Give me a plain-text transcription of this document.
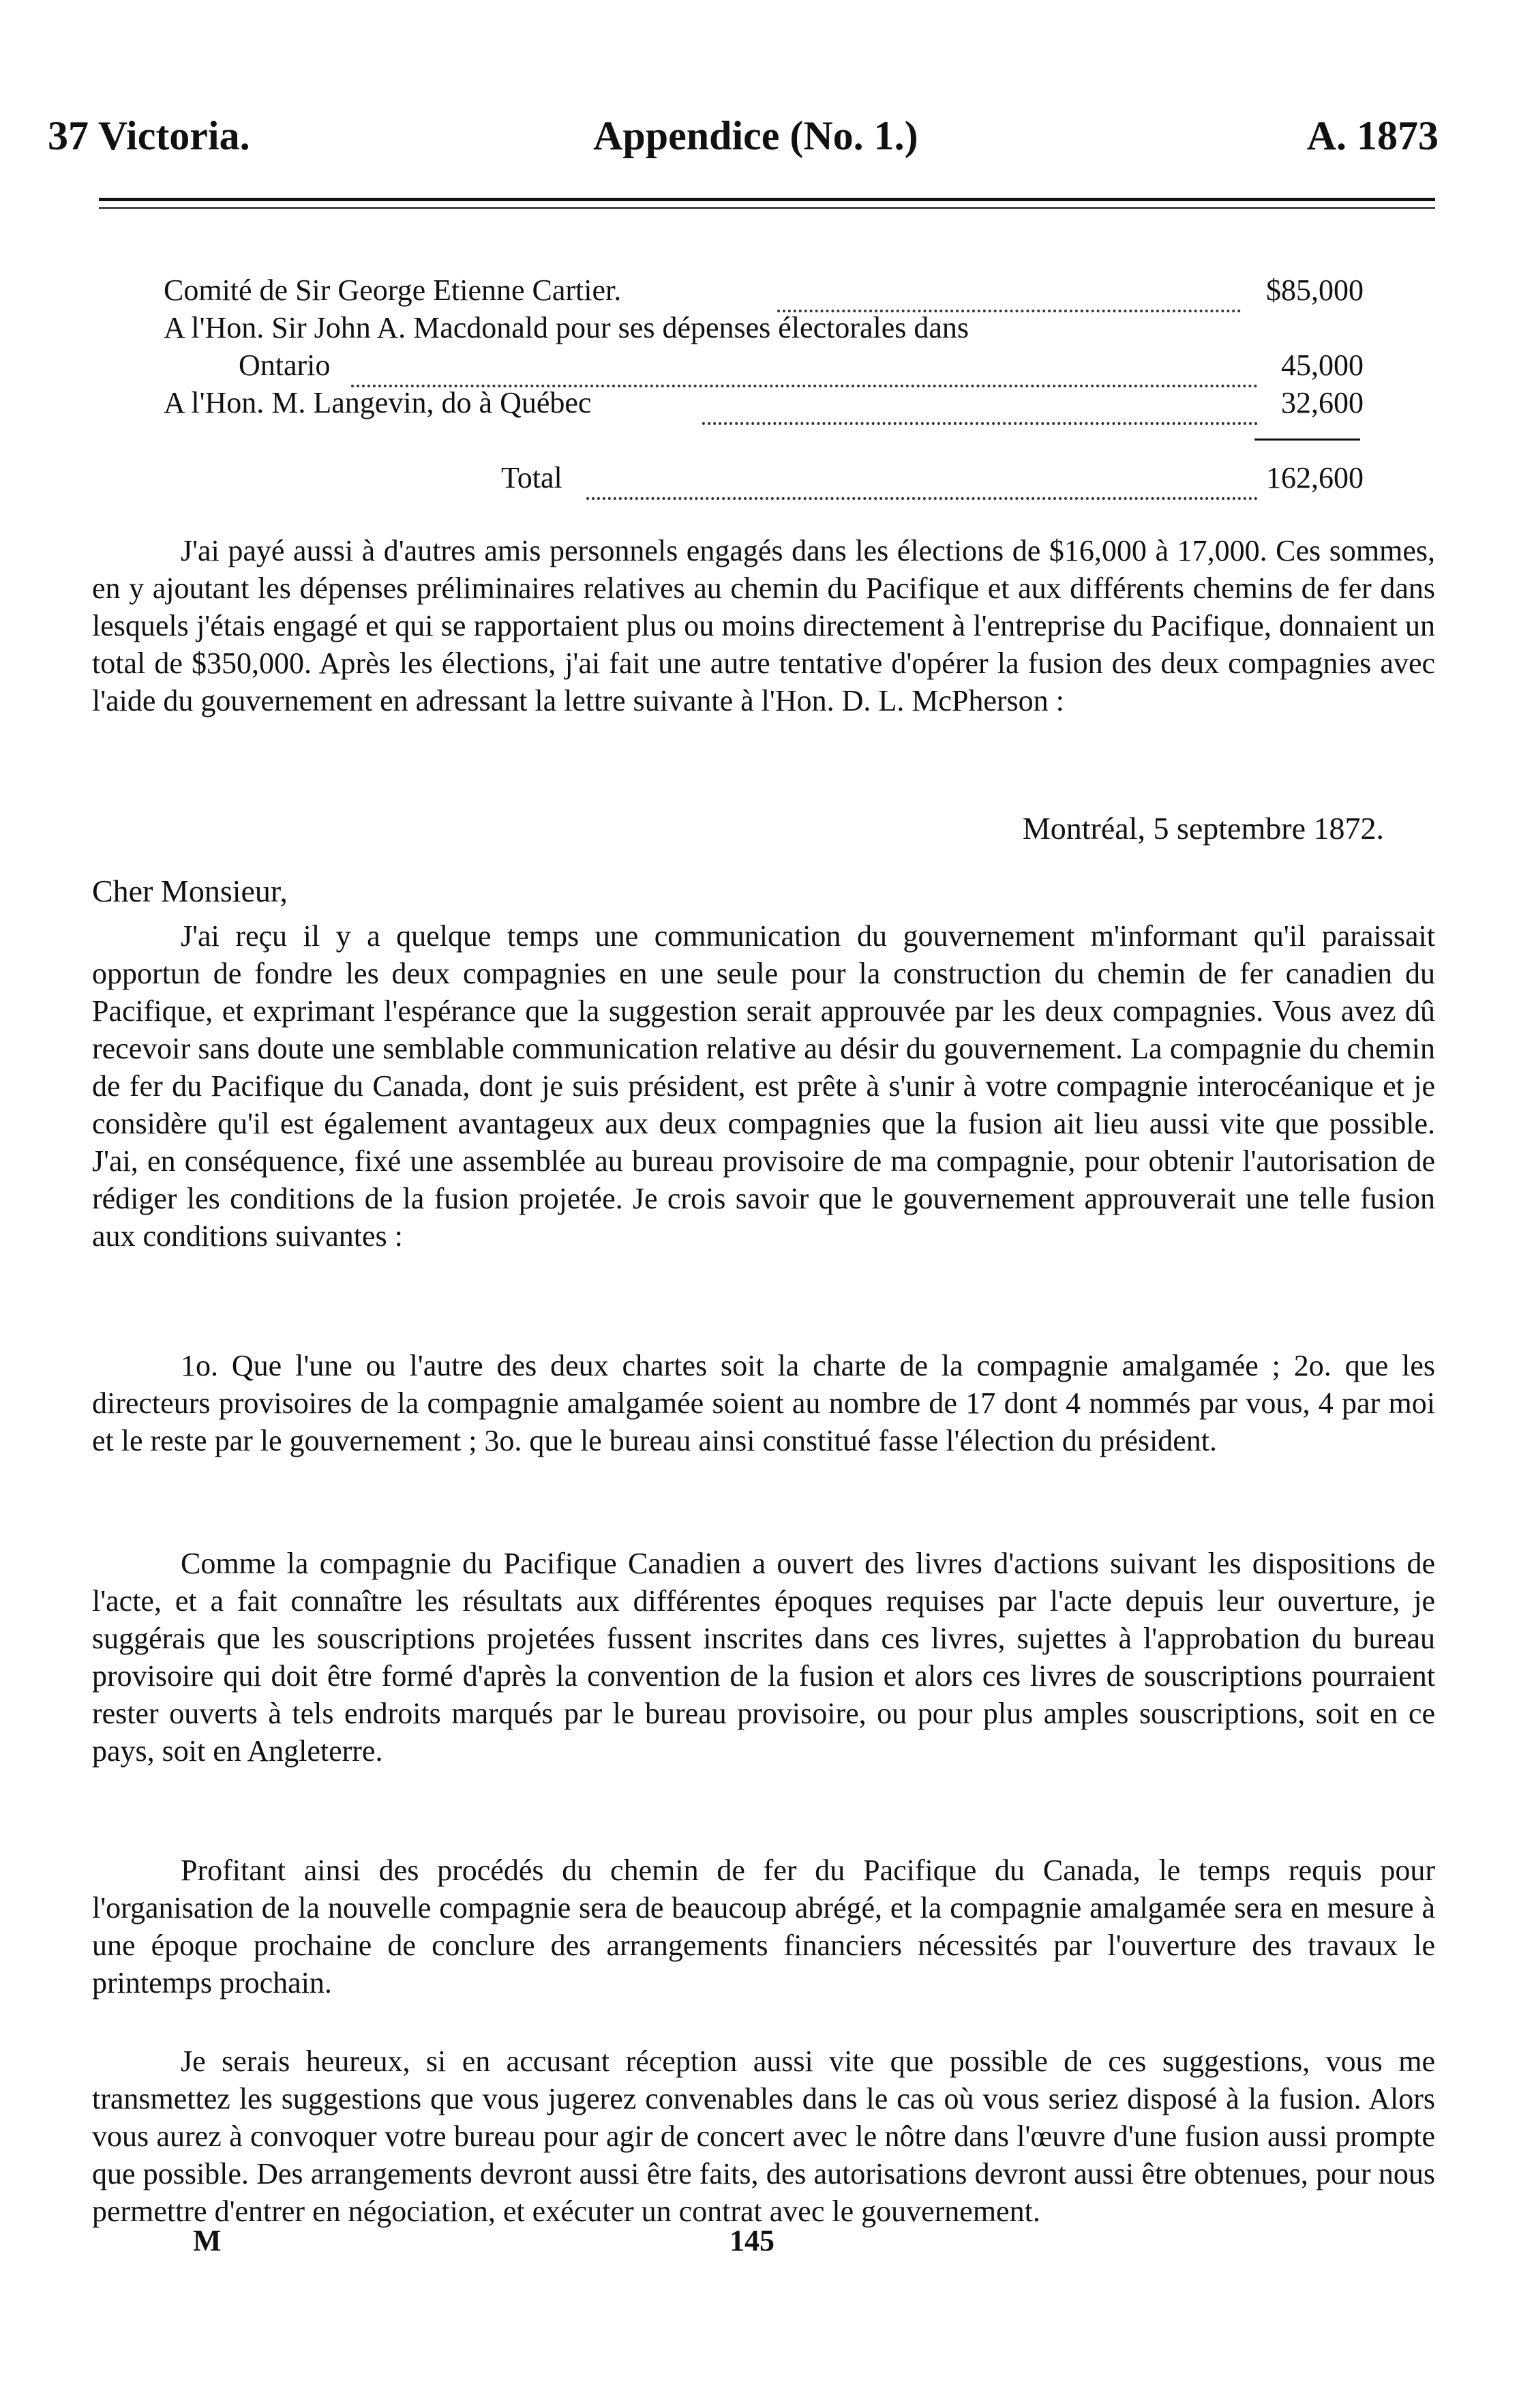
37 Victoria.	Appendice (No. 1.)	A. 1873
Comité de Sir George Etienne Cartier.	$85,000
A l'Hon. Sir John A. Macdonald pour ses dépenses électorales dans
Ontario	45,000
A l'Hon. M. Langevin, do à Québec	32,600
Total	162,600

J'ai payé aussi à d'autres amis personnels engagés dans les élections de $16,000 à 17,000. Ces sommes, en y ajoutant les dépenses préliminaires relatives au chemin du Pacifique et aux différents chemins de fer dans lesquels j'étais engagé et qui se rapportaient plus ou moins directement à l'entreprise du Pacifique, donnaient un total de $350,000. Après les élections, j'ai fait une autre tentative d'opérer la fusion des deux compagnies avec l'aide du gouvernement en adressant la lettre suivante à l'Hon. D. L. McPherson :

Montréal, 5 septembre 1872.
Cher Monsieur,

J'ai reçu il y a quelque temps une communication du gouvernement m'informant qu'il paraissait opportun de fondre les deux compagnies en une seule pour la construction du chemin de fer canadien du Pacifique, et exprimant l'espérance que la suggestion serait approuvée par les deux compagnies. Vous avez dû recevoir sans doute une semblable communication relative au désir du gouvernement. La compagnie du chemin de fer du Pacifique du Canada, dont je suis président, est prête à s'unir à votre compagnie interocéanique et je considère qu'il est également avantageux aux deux compagnies que la fusion ait lieu aussi vite que possible. J'ai, en conséquence, fixé une assemblée au bureau provisoire de ma compagnie, pour obtenir l'autorisation de rédiger les conditions de la fusion projetée. Je crois savoir que le gouvernement approuverait une telle fusion aux conditions suivantes :

1o. Que l'une ou l'autre des deux chartes soit la charte de la compagnie amalgamée ; 2o. que les directeurs provisoires de la compagnie amalgamée soient au nombre de 17 dont 4 nommés par vous, 4 par moi et le reste par le gouvernement ; 3o. que le bureau ainsi constitué fasse l'élection du président.

Comme la compagnie du Pacifique Canadien a ouvert des livres d'actions suivant les dispositions de l'acte, et a fait connaître les résultats aux différentes époques requises par l'acte depuis leur ouverture, je suggérais que les souscriptions projetées fussent inscrites dans ces livres, sujettes à l'approbation du bureau provisoire qui doit être formé d'après la convention de la fusion et alors ces livres de souscriptions pourraient rester ouverts à tels endroits marqués par le bureau provisoire, ou pour plus amples souscriptions, soit en ce pays, soit en Angleterre.

Profitant ainsi des procédés du chemin de fer du Pacifique du Canada, le temps requis pour l'organisation de la nouvelle compagnie sera de beaucoup abrégé, et la compagnie amalgamée sera en mesure à une époque prochaine de conclure des arrangements financiers nécessités par l'ouverture des travaux le printemps prochain.

Je serais heureux, si en accusant réception aussi vite que possible de ces suggestions, vous me transmettez les suggestions que vous jugerez convenables dans le cas où vous seriez disposé à la fusion. Alors vous aurez à convoquer votre bureau pour agir de concert avec le nôtre dans l'œuvre d'une fusion aussi prompte que possible. Des arrangements devront aussi être faits, des autorisations devront aussi être obtenues, pour nous permettre d'entrer en négociation, et exécuter un contrat avec le gouvernement.

M	145
